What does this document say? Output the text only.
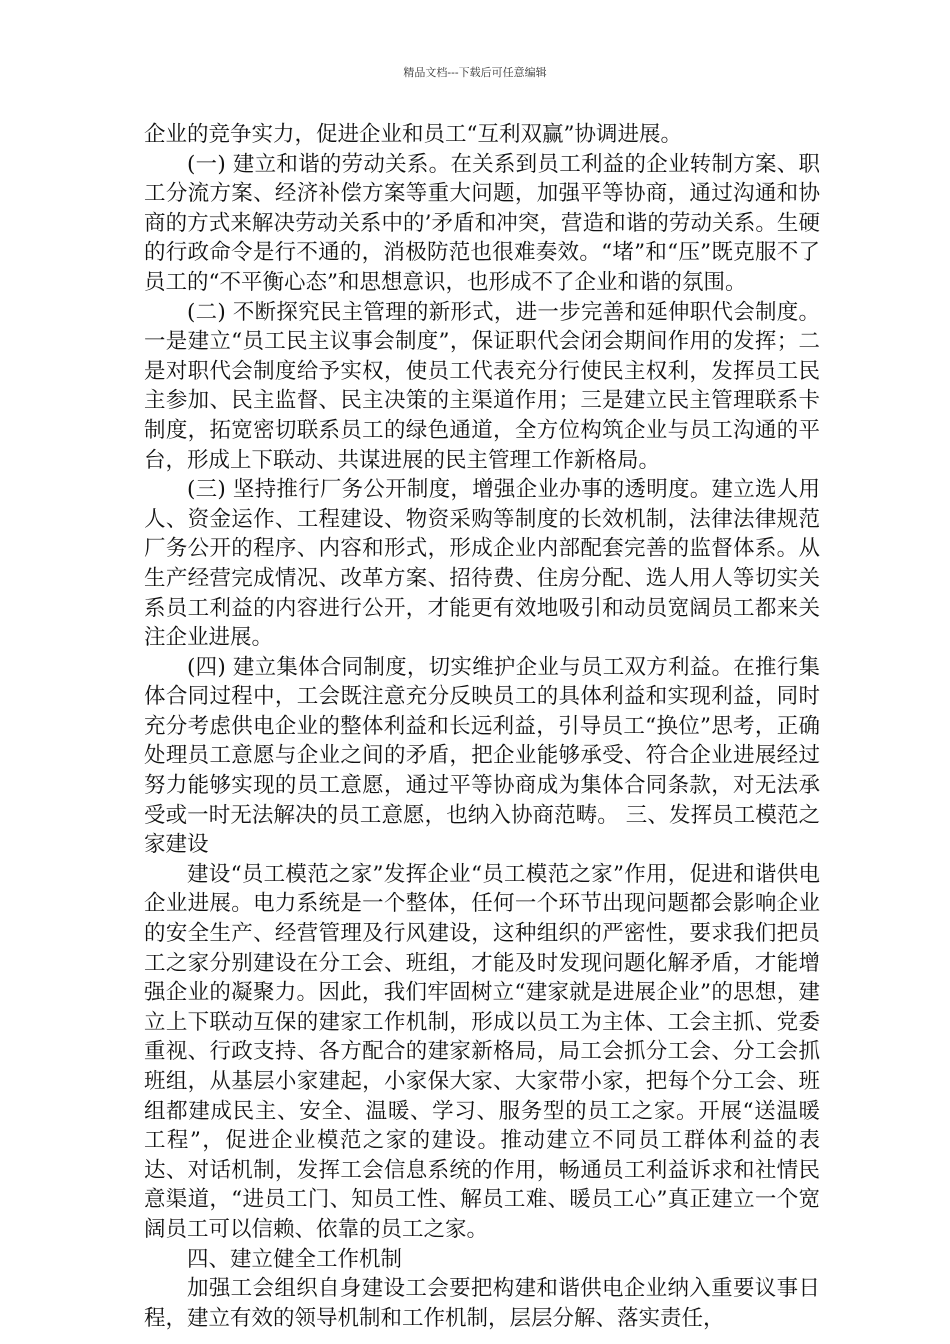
精品文档---下载后可任意编辑

企业的竞争实力，促进企业和员工“互利双赢”协调进展。

(一) 建立和谐的劳动关系。在关系到员工利益的企业转制方案、职工分流方案、经济补偿方案等重大问题，加强平等协商，通过沟通和协商的方式来解决劳动关系中的’矛盾和冲突，营造和谐的劳动关系。生硬的行政命令是行不通的，消极防范也很难奏效。“堵”和“压”既克服不了员工的“不平衡心态”和思想意识，也形成不了企业和谐的氛围。

(二) 不断探究民主管理的新形式，进一步完善和延伸职代会制度。一是建立“员工民主议事会制度”，保证职代会闭会期间作用的发挥；二是对职代会制度给予实权，使员工代表充分行使民主权利，发挥员工民主参加、民主监督、民主决策的主渠道作用；三是建立民主管理联系卡制度，拓宽密切联系员工的绿色通道，全方位构筑企业与员工沟通的平台，形成上下联动、共谋进展的民主管理工作新格局。

(三) 坚持推行厂务公开制度，增强企业办事的透明度。建立选人用人、资金运作、工程建设、物资采购等制度的长效机制，法律法律规范厂务公开的程序、内容和形式，形成企业内部配套完善的监督体系。从生产经营完成情况、改革方案、招待费、住房分配、选人用人等切实关系员工利益的内容进行公开，才能更有效地吸引和动员宽阔员工都来关注企业进展。

(四) 建立集体合同制度，切实维护企业与员工双方利益。在推行集体合同过程中，工会既注意充分反映员工的具体利益和实现利益，同时充分考虑供电企业的整体利益和长远利益，引导员工“换位”思考，正确处理员工意愿与企业之间的矛盾，把企业能够承受、符合企业进展经过努力能够实现的员工意愿，通过平等协商成为集体合同条款，对无法承受或一时无法解决的员工意愿，也纳入协商范畴。 三、发挥员工模范之家建设

建设“员工模范之家”发挥企业“员工模范之家”作用，促进和谐供电企业进展。电力系统是一个整体，任何一个环节出现问题都会影响企业的安全生产、经营管理及行风建设，这种组织的严密性，要求我们把员工之家分别建设在分工会、班组，才能及时发现问题化解矛盾，才能增强企业的凝聚力。因此，我们牢固树立“建家就是进展企业”的思想，建立上下联动互保的建家工作机制，形成以员工为主体、工会主抓、党委重视、行政支持、各方配合的建家新格局，局工会抓分工会、分工会抓班组，从基层小家建起，小家保大家、大家带小家，把每个分工会、班组都建成民主、安全、温暖、学习、服务型的员工之家。开展“送温暖工程”，促进企业模范之家的建设。推动建立不同员工群体利益的表达、对话机制，发挥工会信息系统的作用，畅通员工利益诉求和社情民意渠道，“进员工门、知员工性、解员工难、暖员工心”真正建立一个宽阔员工可以信赖、依靠的员工之家。

四、建立健全工作机制

加强工会组织自身建设工会要把构建和谐供电企业纳入重要议事日程，建立有效的领导机制和工作机制，层层分解、落实责任，
